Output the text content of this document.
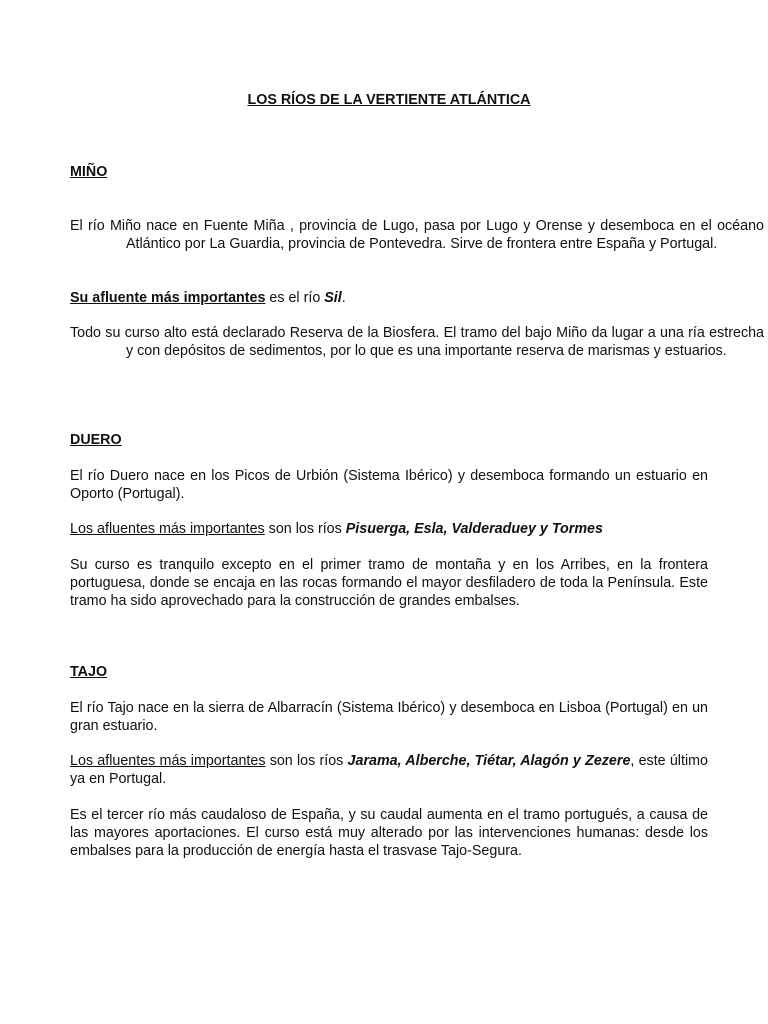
LOS RÍOS DE LA VERTIENTE ATLÁNTICA
MIÑO

El río Miño nace en Fuente Miña , provincia de Lugo, pasa por Lugo y Orense y desemboca en el océano Atlántico por La Guardia, provincia de Pontevedra. Sirve de frontera entre España y Portugal.

Su afluente más importantes es el río Sil.

Todo su curso alto está declarado Reserva de la Biosfera. El tramo del bajo Miño da lugar a una ría estrecha y con depósitos de sedimentos, por lo que es una importante reserva de marismas y estuarios.

DUERO

El río Duero nace en los Picos de Urbión (Sistema Ibérico) y desemboca formando un estuario en Oporto (Portugal).

Los afluentes más importantes son los ríos Pisuerga, Esla, Valderaduey y Tormes

Su curso es tranquilo excepto en el primer tramo de montaña y en los Arribes, en la frontera portuguesa, donde se encaja en las rocas formando el mayor desfiladero de toda la Península. Este tramo ha sido aprovechado para la construcción de grandes embalses.

TAJO

El río Tajo nace en la sierra de Albarracín (Sistema Ibérico) y desemboca en Lisboa (Portugal) en un gran estuario.

Los afluentes más importantes son los ríos Jarama, Alberche, Tiétar, Alagón y Zezere, este último ya en Portugal.

Es el tercer río más caudaloso de España, y su caudal aumenta en el tramo portugués, a causa de las mayores aportaciones. El curso está muy alterado por las intervenciones humanas: desde los embalses para la producción de energía hasta el trasvase Tajo-Segura.
